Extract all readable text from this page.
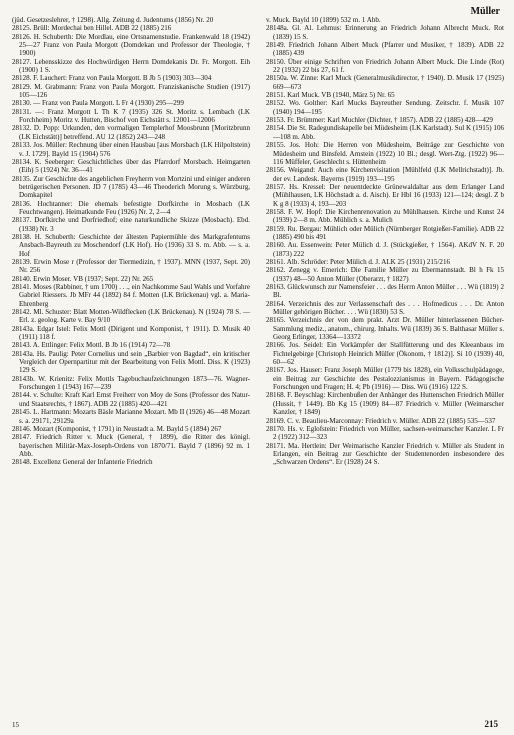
Müller

(jüd. Gesetzeslehrer, † 1298). Allg. Zeitung d. Judentums (1856) Nr. 20

28125. Brüll: Mordechai ben Hillel. ADB 22 (1885) 216

28126. H. Schuberth: Die Mordlau, eine Ortsnamenstudie. Frankenwald 18 (1942) 25—27 Franz von Paula Morgott (Domdekan und Professor der Theologie, † 1900)

28127. Lebensskizze des Hochwürdigen Herrn Domdekanis Dr. Fr. Morgott. Eih (1900) 1 S.

28128. F. Lauchert: Franz von Paula Morgott. B Jb 5 (1903) 303—304

28129. M. Grabmann: Franz von Paula Morgott. Franziskanische Studien (1917) 105—126

28130. — Franz von Paula Morgott. L Fr 4 (1930) 295—299

28131. —: Franz Morgott L Th K 7 (1935) 326 St. Moritz s. Lembach (LK Forchheim) Moritz v. Hutten, Bischof von Eichstätt s. 12001—12006

28132. D. Popp: Urkunden, den vormaligen Templerhof Moosbrunn [Moritzbrunn (LK Eichstätt)] betreffend. AU 12 (1852) 243—248

28133. Jos. Müller: Rechnung über einen Hausbau [aus Morsbach (LK Hilpoltstein) v. J. 1729]. Bayld 15 (1904) 576

28134. K. Seeberger: Geschichtliches über das Pfarrdorf Morsbach. Heimgarten (Eih) 5 (1924) Nr. 36—41

28135. Zur Geschichte des angeblichen Freyherrn von Mortzini und einiger anderen betrügerischen Personen. JD 7 (1785) 43—46 Theoderich Morung s. Würzburg, Domkapitel

28136. Hochtanner: Die ehemals befestigte Dorfkirche in Mosbach (LK Feuchtwangen). Heimatkunde Feu (1926) Nr. 2, 2—4

28137. Dorfkirche und Dorfriedhof; eine naturkundliche Skizze (Mosbach). Ebd. (1938) Nr. 3

28138. H. Schuberth: Geschichte der ältesten Papiermühle des Markgrafentums Ansbach-Bayreuth zu Moschendorf (LK Hof). Ho (1936) 33 S. m. Abb. — s. a. Hof

28139. Erwin Mose r (Professor der Tiermedizin, † 1937). MNN (1937, Sept. 20) Nr. 256

28140. Erwin Moser. VB (1937; Sept. 22) Nr. 265

28141. Moses (Rabbiner, † um 1700) . . ., ein Nachkomme Saul Wahls und Vorfahre Gabriel Riessers. Jb MFr 44 (1892) 84 f. Motten (LK Brückenau) vgl. a. Maria-Ehrenberg

28142. Ml. Schuster: Blatt Motten-Wildflecken (LK Brückenau). N (1924) 78 S. — Erl. z. geolog. Karte v. Bay 9/10

28143a. Edgar Istel: Felix Mottl (Dirigent und Komponist, † 1911). D. Musik 40 (1911) 118 f.

28143. A. Ettlinger: Felix Mottl. B Jb 16 (1914) 72—78

28143a. Hs. Paulig: Peter Cornelius und sein „Barbier von Bagdad“, ein kritischer Vergleich der Opernpartitur mit der Bearbeitung von Felix Mottl. Diss. K (1923) 129 S.

28143b. W. Krienitz: Felix Mottls Tagebuchaufzeichnungen 1873—76. Wagner-Forschungen 1 (1943) 167—239

28144. v. Schulte: Kraft Karl Ernst Freiherr von Moy de Sons (Professor des Natur- und Staatsrechts, † 1867). ADB 22 (1885) 420—421

28145. L. Hartmann: Mozarts Bäsle Marianne Mozart. Mb II (1926) 46—48 Mozart s. a. 29171, 29129a

28146. Mozart (Komponist, † 1791) in Neustadt a. M. Bayld 5 (1894) 267

28147. Friedrich Ritter v. Muck (General, † 1899), die Ritter des königl. bayerischen Militär-Max-Joseph-Ordens von 1870/71. Bayld 7 (1896) 92 m. 1 Abb.

28148. Excellenz General der Infanterie Friedrich

v. Muck. Bayld 10 (1899) 532 m. 1 Abb.

28148a. Gl. Al. Lehmus: Erinnerung an Friedrich Johann Albrecht Muck. Rot (1839) 15 S.

28149. Friedrich Johann Albert Muck (Pfarrer und Musiker, † 1839). ADB 22 (1885) 439

28150. Über einige Schriften von Friedrich Johann Albert Muck. Die Linde (Rot) 22 (1932) 22 bis 27, 61 f.

28150a. W. Zinne: Karl Muck (Generalmusikdirector, † 1940). D. Musik 17 (1925) 669—673

28151. Karl Muck. VB (1940, März 5) Nr. 65

28152. Wo. Golther: Karl Mucks Bayreuther Sendung. Zeitschr. f. Musik 107 (1940) 194—195

28153. Fr. Brümmer: Karl Muchler (Dichter, † 1857). ADB 22 (1885) 428—429

28154. Die St. Radegundiskapelle bei Müdesheim (LK Karlstadt). Sul K (1915) 106—108 m. Abb.

28155. Jos. Hoh: Die Herren von Müdesheim, Beiträge zur Geschichte von Müdesheim und Binsfeld. Arnstein (1922) 10 Bl.; desgl. Wert-Ztg. (1922) 96—116 Müffeler, Geschlecht s. Hüttenheim

28156. Weigand: Auch eine Kirchenvisitation [Mühlfeld (LK Mellrichstadt)]. Jb. der ev. Landesk. Bayerns (1919) 193—195

28157. Hs. Kressel: Der neuentdeckte Grünewaldaltar aus dem Erlanger Land (Mühlhausen, LK Höchstadt a. d. Aisch). Er Hbl 16 (1933) 121—124; desgl. Z b K g 8 (1933) 4, 193—203

28158. F. W. Hopf: Die Kirchenrenovation zu Mühlhausen. Kirche und Kunst 24 (1939) 2—8 m. Abb. Mühlich s. a. Mulich

28159. Ru. Bergau: Mühlich oder Mülich (Nürnberger Rotgießer-Familie). ADB 22 (1885) 490 bis 491

28160. Au. Essenwein: Peter Mülich d. J. (Stückgießer, † 1564). AKdV N. F. 20 (1873) 222

28161. Alb. Schröder: Peter Mülich d. J. ALK 25 (1931) 215/216

28162. Zenegg v. Emerich: Die Familie Müller zu Ebermannstadt. Bl h Fk 15 (1937) 48—50 Anton Müller (Oberarzt, † 1827)

28163. Glückwunsch zur Namensfeier . . . des Herrn Anton Müller . . . Wü (1819) 2 Bl.

28164. Verzeichnis des zur Verlassenschaft des . . . Hofmedicus . . . Dr. Anton Müller gehörigen Bücher. . . . Wü (1830) 53 S.

28165. Verzeichnis der von dem prakt. Arzt Dr. Müller hinterlassenen Bücher-Sammlung mediz., anatom., chirurg. Inhalts. Wü (1839) 36 S. Balthasar Müller s. Georg Erlinger, 13364—13372

28166. Jos. Seidel: Ein Vorkämpfer der Stallfütterung und des Kleeanbaus im Fichtelgebirge [Christoph Heinrich Müller (Ökonom, † 1812)]. Si 10 (1939) 40, 60—62

28167. Jos. Hauser: Franz Joseph Müller (1779 bis 1828), ein Volksschulpädagoge, ein Beitrag zur Geschichte des Pestalozzianismus in Bayern. Pädagogische Forschungen und Fragen; H. 4; Pb (1916) — Diss. Wü (1916) 122 S.

28168. F. Beyschlag: Kirchenbußen der Anhänger des Huttenschen Friedrich Müller (Hussit, † 1449). Bb Kg 15 (1909) 84—87 Friedrich v. Müller (Weimarscher Kanzler, † 1849)

28169. C. v. Beaulieu-Marconnay: Friedrich v. Müller. ADB 22 (1885) 535—537

28170. Hs. v. Eglofstein: Friedrich von Müller, sachsen-weimarscher Kanzler. L Fr 2 (1922) 312—323

28171. Ma. Hertlein: Der Weimarische Kanzler Friedrich v. Müller als Student in Erlangen, ein Beitrag zur Geschichte der Studentenorden insbesondere des „Schwarzen Ordens“. Er (1928) 24 S.

15	215
